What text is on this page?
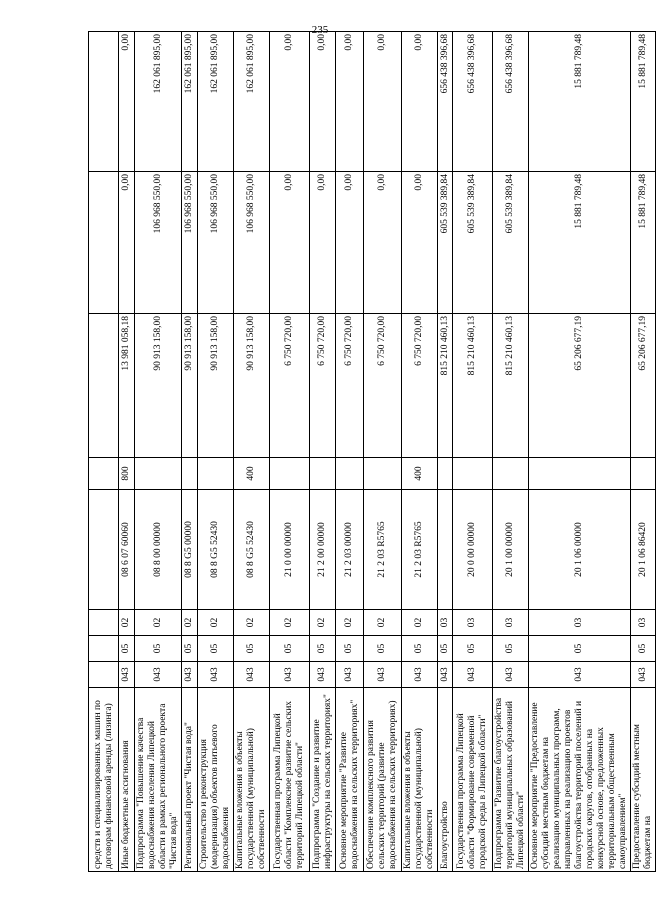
235
средств и специализированных машин по договорам финансовой аренды (лизинга)								
Иные бюджетные ассигнования	043	05	02	08 6 07 60060	800	13 981 058,18	0,00	0,00
Подпрограмма "Повышение качества водоснабжения населения Липецкой области в рамках регионального проекта "Чистая вода"	043	05	02	08 8 00 00000		90 913 158,00	106 968 550,00	162 061 895,00
Региональный проект "Чистая вода"	043	05	02	08 8 G5 00000		90 913 158,00	106 968 550,00	162 061 895,00
Строительство и реконструкция (модернизация) объектов питьевого водоснабжения	043	05	02	08 8 G5 52430		90 913 158,00	106 968 550,00	162 061 895,00
Капитальные вложения в объекты государственной (муниципальной) собственности	043	05	02	08 8 G5 52430	400	90 913 158,00	106 968 550,00	162 061 895,00
Государственная программа Липецкой области "Комплексное развитие сельских территорий Липецкой области"	043	05	02	21 0 00 00000		6 750 720,00	0,00	0,00
Подпрограмма "Создание и развитие инфраструктуры на сельских территориях"	043	05	02	21 2 00 00000		6 750 720,00	0,00	0,00
Основное мероприятие "Развитие водоснабжения на сельских территориях"	043	05	02	21 2 03 00000		6 750 720,00	0,00	0,00
Обеспечение комплексного развития сельских территорий (развитие водоснабжения на сельских территориях)	043	05	02	21 2 03 R5765		6 750 720,00	0,00	0,00
Капитальные вложения в объекты государственной (муниципальной) собственности	043	05	02	21 2 03 R5765	400	6 750 720,00	0,00	0,00
Благоустройство	043	05	03			815 210 460,13	605 539 389,84	656 438 396,68
Государственная программа Липецкой области "Формирование современной городской среды в Липецкой области"	043	05	03	20 0 00 00000		815 210 460,13	605 539 389,84	656 438 396,68
Подпрограмма "Развитие благоустройства территорий муниципальных образований Липецкой области"	043	05	03	20 1 00 00000		815 210 460,13	605 539 389,84	656 438 396,68
Основное мероприятие "Предоставление субсидий местным бюджетам на реализацию муниципальных программ, направленных на реализацию проектов благоустройства территорий поселений и городских округов, отобранных на конкурсной основе, предложенных территориальным общественным самоуправлением"	043	05	03	20 1 06 00000		65 206 677,19	15 881 789,48	15 881 789,48
Предоставление субсидий местным бюджетам на	043	05	03	20 1 06 86420		65 206 677,19	15 881 789,48	15 881 789,48
